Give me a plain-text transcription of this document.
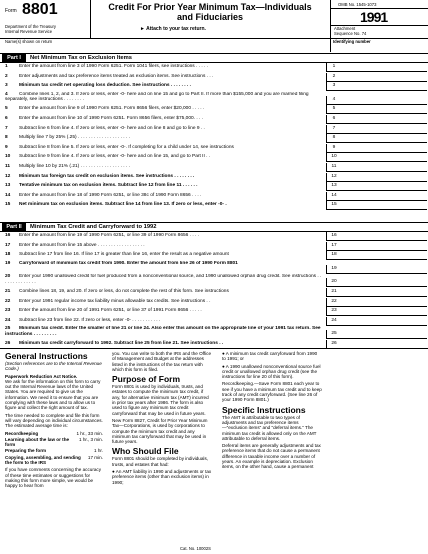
Form 8801
Department of the Treasury
Internal Revenue Service
Credit For Prior Year Minimum Tax—Individuals and Fiduciaries
► Attach to your tax return.
OMB No. 1545-1073
1991
Attachment
Sequence No. 74
Name(s) shown on return	Identifying number
Part I	Net Minimum Tax on Exclusion Items
1 Enter the amount from line 3 of 1990 Form 6251. Form 1041 filers, see instructions . . . . .	1
2 Enter adjustments and tax preference items treated as exclusion items. See instructions . . .	2
3 Minimum tax credit net operating loss deduction. See instructions . . . . . . . .	3
4 Combine lines 1, 2, and 3. If zero or less, enter -0- here and on line 15 and go to Part II. If more than $155,000 and you are married filing separately, see instructions . . . . . . . .	4
5 Enter the amount from line 9 of 1990 Form 6251. Form 8656 filers, enter $20,000 . . . . .	5
6 Enter the amount from line 10 of 1990 Form 6251. Form 8656 filers, enter $75,000. . . .	6
7 Subtract line 6 from line 4. If zero or less, enter -0- here and on line 8 and go to line 9 . .	7
8 Multiply line 7 by 25% (.25) . . . . . . . . . . . . . . . . . . . .	8
9 Subtract line 8 from line 5. If zero or less, enter -0-. If completing for a child under 14, see instructions	9
10 Subtract line 9 from line 4. If zero or less, enter -0- here and on line 15, and go to Part II . .	10
11 Multiply line 10 by 21% (.21) . . . . . . . . . . . . . . . . . . .	11
12 Minimum tax foreign tax credit on exclusion items. See instructions . . . . . . . .	12
13 Tentative minimum tax on exclusion items. Subtract line 12 from line 11 . . . . . .	13
14 Enter the amount from line 18 of 1990 Form 6251, or line 38c of 1990 Form 8656 . . . .	14
15 Net minimum tax on exclusion items. Subtract line 14 from line 13. If zero or less, enter -0- .	15
Part II	Minimum Tax Credit and Carryforward to 1992
16 Enter the amount from line 19 of 1990 Form 6251, or line 39 of 1990 Form 8656 . . . .	16
17 Enter the amount from line 15 above . . . . . . . . . . . . . . . . . .	17
18 Subtract line 17 from line 16. If line 17 is greater than line 16, enter the result as a negative amount	18
19 Carryforward of minimum tax credit from 1990. Enter the amount from line 26 of 1990 Form 8801
19
20 Enter your 1990 unallowed credit for fuel produced from a nonconventional source, and 1990 unallowed orphan drug credit. See instructions . . . . . . . . . . . . . .	20
21 Combine lines 18, 19, and 20. If zero or less, do not complete the rest of this form. See instructions	21
22 Enter your 1991 regular income tax liability minus allowable tax credits. See instructions . .	22
23 Enter the amount from line 20 of 1991 Form 6251, or line 37 of 1991 Form 8656 . . . . .	23
24 Subtract line 23 from line 22. If zero or less, enter -0- . . . . . . . . . . .	24
25 Minimum tax credit. Enter the smaller of line 21 or line 24. Also enter this amount on the appropriate line of your 1991 tax return. See instructions . . . . . . . . .	25
26 Minimum tax credit carryforward to 1992. Subtract line 25 from line 21. See instructions . .	26
General Instructions

(Section references are to the Internal Revenue Code.)

Paperwork Reduction Act Notice.

We ask for the information on this form to carry out the Internal Revenue laws of the United States. You are required to give us the information. We need it to ensure that you are complying with these laws and to allow us to figure and collect the right amount of tax.

The time needed to complete and file this form will vary depending on individual circumstances. The estimated average time is:

Recordkeeping	1 hr., 33 min.
Learning about the law or the form
1 hr., 3 min.
Preparing the form	1 hr.
Copying, assembling, and sending the form to the IRS
17 min.

If you have comments concerning the accuracy of these time estimates or suggestions for making this form more simple, we would be happy to hear from

you. You can write to both the IRS and the Office of Management and Budget at the addresses listed in the instructions of the tax return with which this form is filed.

Purpose of Form

Form 8801 is used by individuals, trusts, and estates to compute the minimum tax credit, if any, for alternative minimum tax (AMT) incurred in prior tax years after 1986. The form is also used to figure any minimum tax credit carryforward that may be used in future years.

New Form 8827, Credit for Prior Year Minimum Tax—Corporations, is used by corporations to compute the minimum tax credit and any minimum tax carryforward that may be used in future years.

Who Should File

Form 8801 should be completed by individuals, trusts, and estates that had:

● An AMT liability in 1990 and adjustments or tax preference items (other than exclusion items) in 1990;

● A minimum tax credit carryforward from 1990 to 1991; or

● A 1990 unallowed nonconventional source fuel credit or unallowed orphan drug credit (see the instructions for line 20 of this form).

Recordkeeping.—Save Form 8801 each year to see if you have a minimum tax credit and to keep track of any credit carryforward. (See line 26 of your 1990 Form 8801.)

Specific Instructions

The AMT is attributable to two types of adjustments and tax preference items—"exclusion items" and "deferral items." The minimum tax credit is allowed only on the AMT attributable to deferral items.

Deferral items are generally adjustments and tax preference items that do not cause a permanent difference in taxable income over a number of years. An example is depreciation. Exclusion items, on the other hand, cause a permanent

Cat. No. 10002S
